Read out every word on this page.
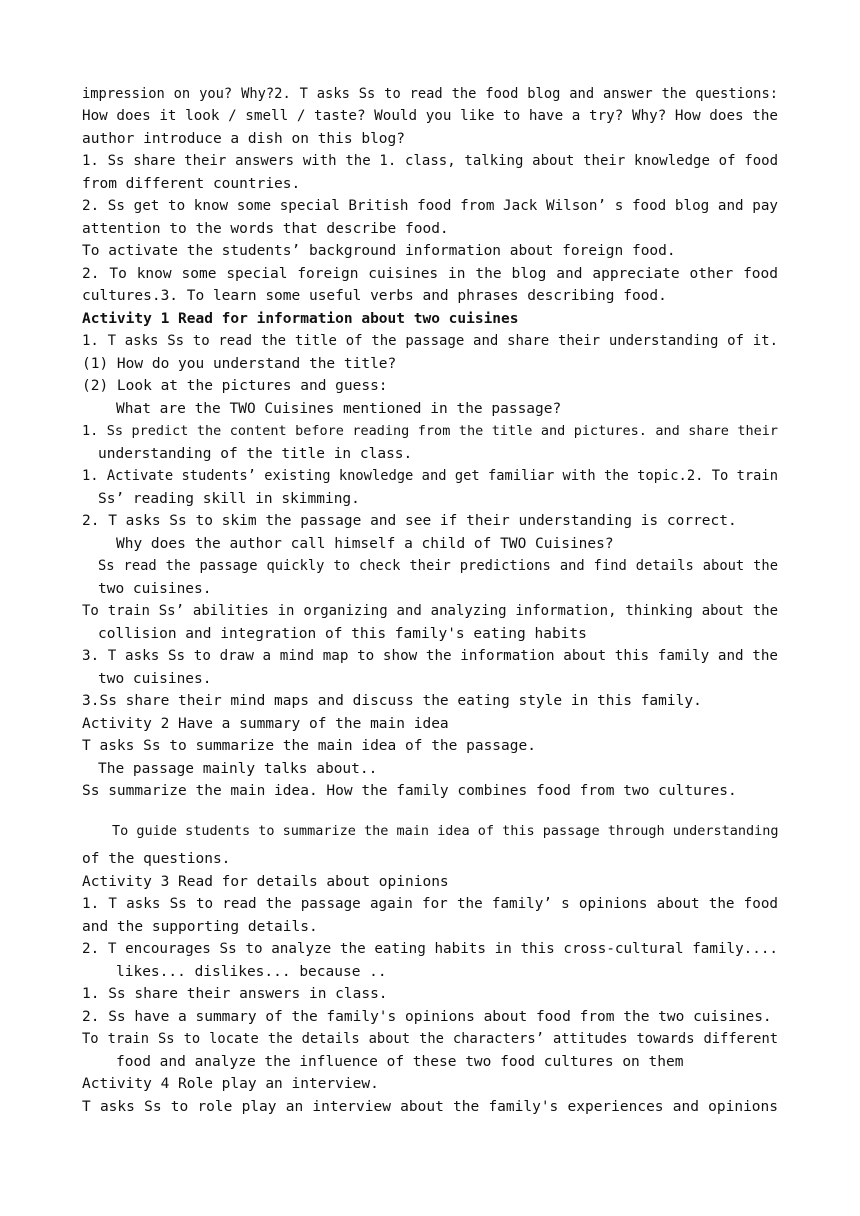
impression on you? Why?2. T asks Ss to read the food blog and answer the questions:
How does it look / smell / taste? Would you like to have a try? Why? How does the
author introduce a dish on this blog?
1. Ss share their answers with the 1. class, talking about their knowledge of food
from different countries.
2. Ss get to know some special British food from Jack Wilson’ s food blog and pay
attention to the words that describe food.
To activate the students’ background information about foreign food.
2. To know some special foreign cuisines in the blog and appreciate other food
cultures.3. To learn some useful verbs and phrases describing food.
Activity 1 Read for information about two cuisines
1. T asks Ss to read the title of the passage and share their understanding of it.
(1) How do you understand the title?
(2) Look at the pictures and guess:
What are the TWO Cuisines mentioned in the passage?
1. Ss predict the content before reading from the title and pictures. and share their
understanding of the title in class.
1. Activate students’ existing knowledge and get familiar with the topic.2. To train
Ss’ reading skill in skimming.
2. T asks Ss to skim the passage and see if their understanding is correct.
Why does the author call himself a child of TWO Cuisines?
Ss read the passage quickly to check their predictions and find details about the
two cuisines.
To train Ss’ abilities in organizing and analyzing information, thinking about the
collision and integration of this family's eating habits
3. T asks Ss to draw a mind map to show the information about this family and the
two cuisines.
3.Ss share their mind maps and discuss the eating style in this family.
Activity 2 Have a summary of the main idea
T asks Ss to summarize the main idea of the passage.
The passage mainly talks about..
Ss summarize the main idea. How the family combines food from two cultures.
To guide students to summarize the main idea of this passage through understanding
of the questions.
Activity 3 Read for details about opinions
1. T asks Ss to read the passage again for the family’ s opinions about the food
and the supporting details.
2. T encourages Ss to analyze the eating habits in this cross-cultural family....
likes... dislikes... because ..
1. Ss share their answers in class.
2. Ss have a summary of the family's opinions about food from the two cuisines.
To train Ss to locate the details about the characters’ attitudes towards different
food and analyze the influence of these two food cultures on them
Activity 4 Role play an interview.
T asks Ss to role play an interview about the family's experiences and opinions
